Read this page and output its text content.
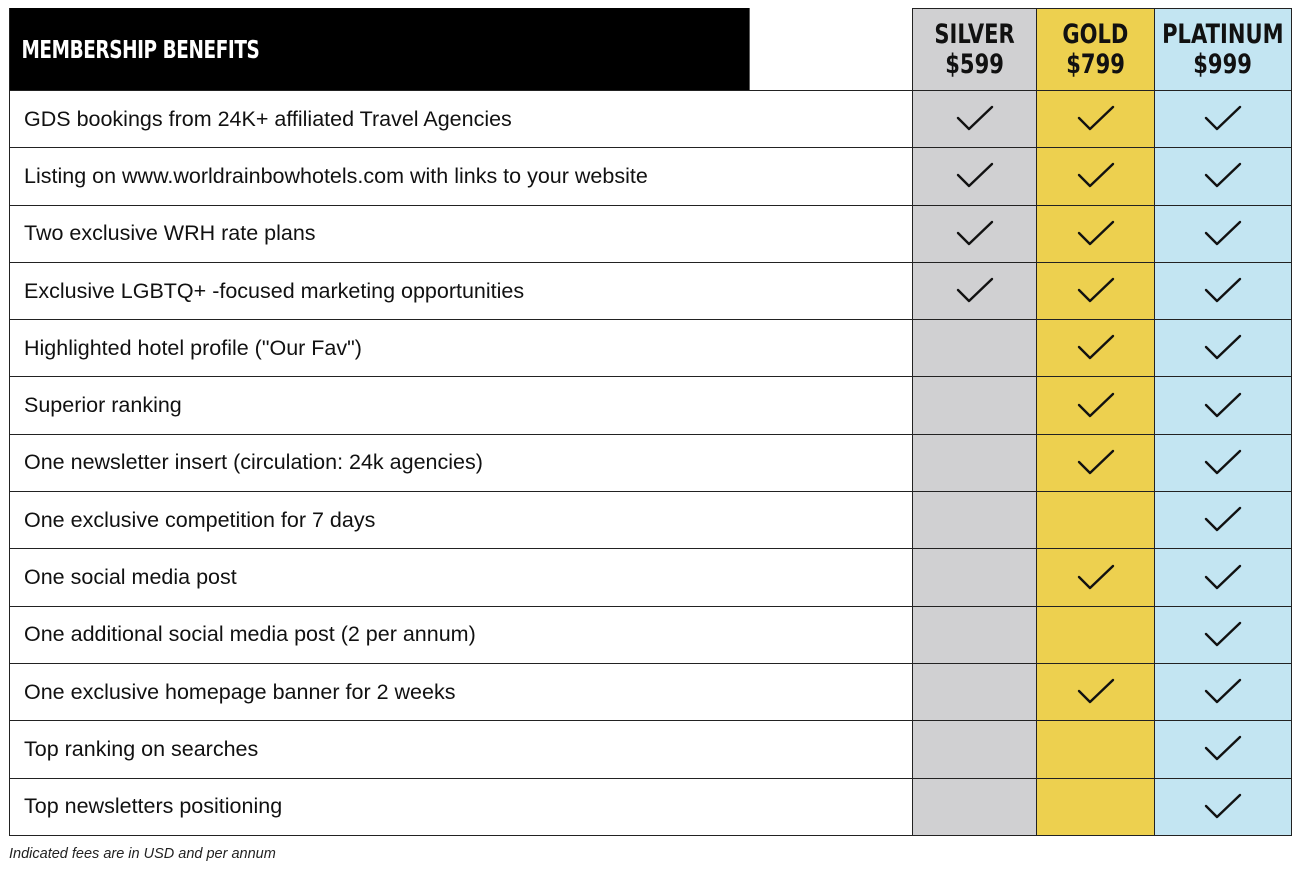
MEMBERSHIP BENEFITS	SILVER
$599
GOLD
$799
PLATINUM
$999
GDS bookings from 24K+ affiliated Travel Agencies
Listing on www.worldrainbowhotels.com with links to your website
Two exclusive WRH rate plans
Exclusive LGBTQ+ -focused marketing opportunities
Highlighted hotel profile ("Our Fav")
Superior ranking
One newsletter insert (circulation: 24k agencies)
One exclusive competition for 7 days
One social media post
One additional social media post (2 per annum)
One exclusive homepage banner for 2 weeks
Top ranking on searches
Top newsletters positioning
Indicated fees are in USD and per annum
